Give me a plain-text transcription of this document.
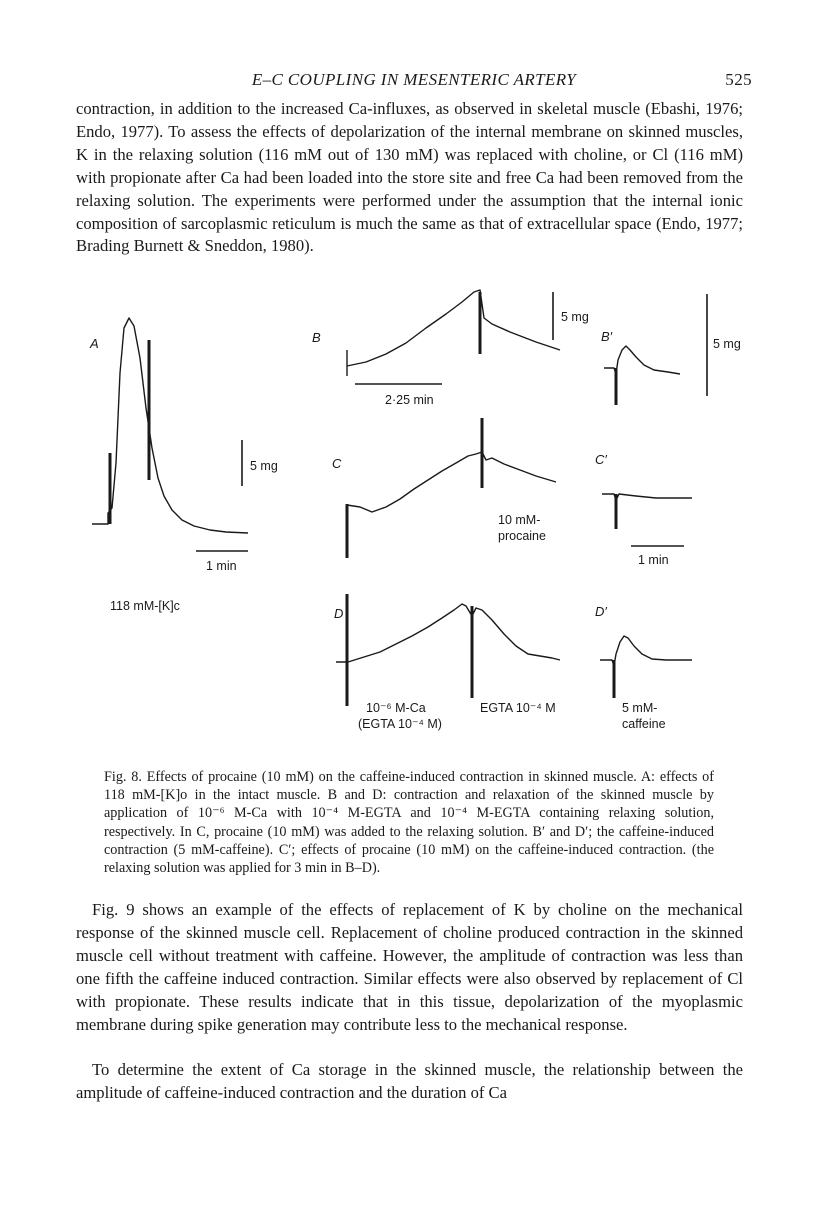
E–C COUPLING IN MESENTERIC ARTERY	525

contraction, in addition to the increased Ca-influxes, as observed in skeletal muscle (Ebashi, 1976; Endo, 1977). To assess the effects of depolarization of the internal membrane on skinned muscles, K in the relaxing solution (116 mM out of 130 mM) was replaced with choline, or Cl (116 mM) with propionate after Ca had been loaded into the store site and free Ca had been removed from the relaxing solution. The experiments were performed under the assumption that the internal ionic composition of sarcoplasmic reticulum is much the same as that of extracellular space (Endo, 1977; Brading Burnett & Sneddon, 1980).

A
5 mg
1 min
118 mM-[K]c
B
2·25 min
5 mg
B′	5 mg
C
10 mM-
procaine
C′
1 min
D
10⁻⁶ M-Ca
(EGTA 10⁻⁴ M)
EGTA 10⁻⁴ M
D′
5 mM-
caffeine

Fig. 8. Effects of procaine (10 mM) on the caffeine-induced contraction in skinned muscle. A: effects of 118 mM-[K]o in the intact muscle. B and D: contraction and relaxation of the skinned muscle by application of 10⁻⁶ M-Ca with 10⁻⁴ M-EGTA and 10⁻⁴ M-EGTA containing relaxing solution, respectively. In C, procaine (10 mM) was added to the relaxing solution. B′ and D′; the caffeine-induced contraction (5 mM-caffeine). C′; effects of procaine (10 mM) on the caffeine-induced contraction. (the relaxing solution was applied for 3 min in B–D).

Fig. 9 shows an example of the effects of replacement of K by choline on the mechanical response of the skinned muscle cell. Replacement of choline produced contraction in the skinned muscle cell without treatment with caffeine. However, the amplitude of contraction was less than one fifth the caffeine induced contraction. Similar effects were also observed by replacement of Cl with propionate. These results indicate that in this tissue, depolarization of the myoplasmic membrane during spike generation may contribute less to the mechanical response.

To determine the extent of Ca storage in the skinned muscle, the relationship between the amplitude of caffeine-induced contraction and the duration of Ca
